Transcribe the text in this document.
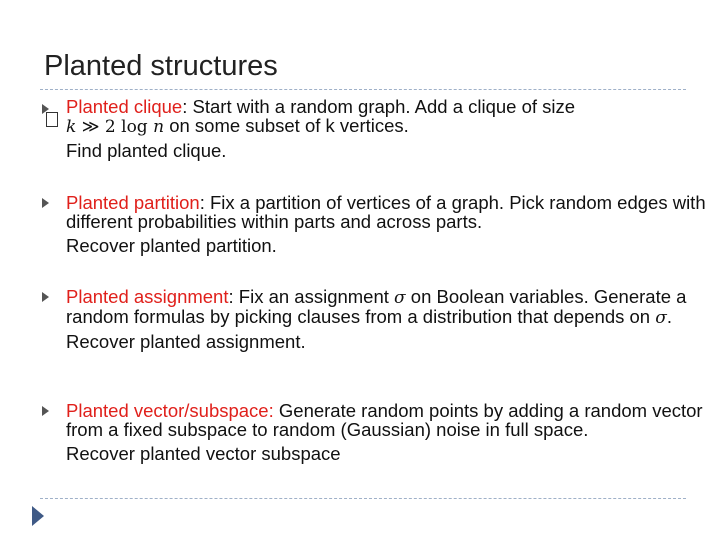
Planted structures

Planted clique: Start with a random graph. Add a clique of size
k ≫ 2 log n on some subset of k vertices.

Find planted clique.

Planted partition: Fix a partition of vertices of a graph. Pick random edges with different probabilities within parts and across parts.

Recover planted partition.

Planted assignment: Fix an assignment σ on Boolean variables. Generate a random formulas by picking clauses from a distribution that depends on σ.

Recover planted assignment.

Planted vector/subspace: Generate random points by adding a random vector from a fixed subspace to random (Gaussian) noise in full space.

Recover planted vector subspace
